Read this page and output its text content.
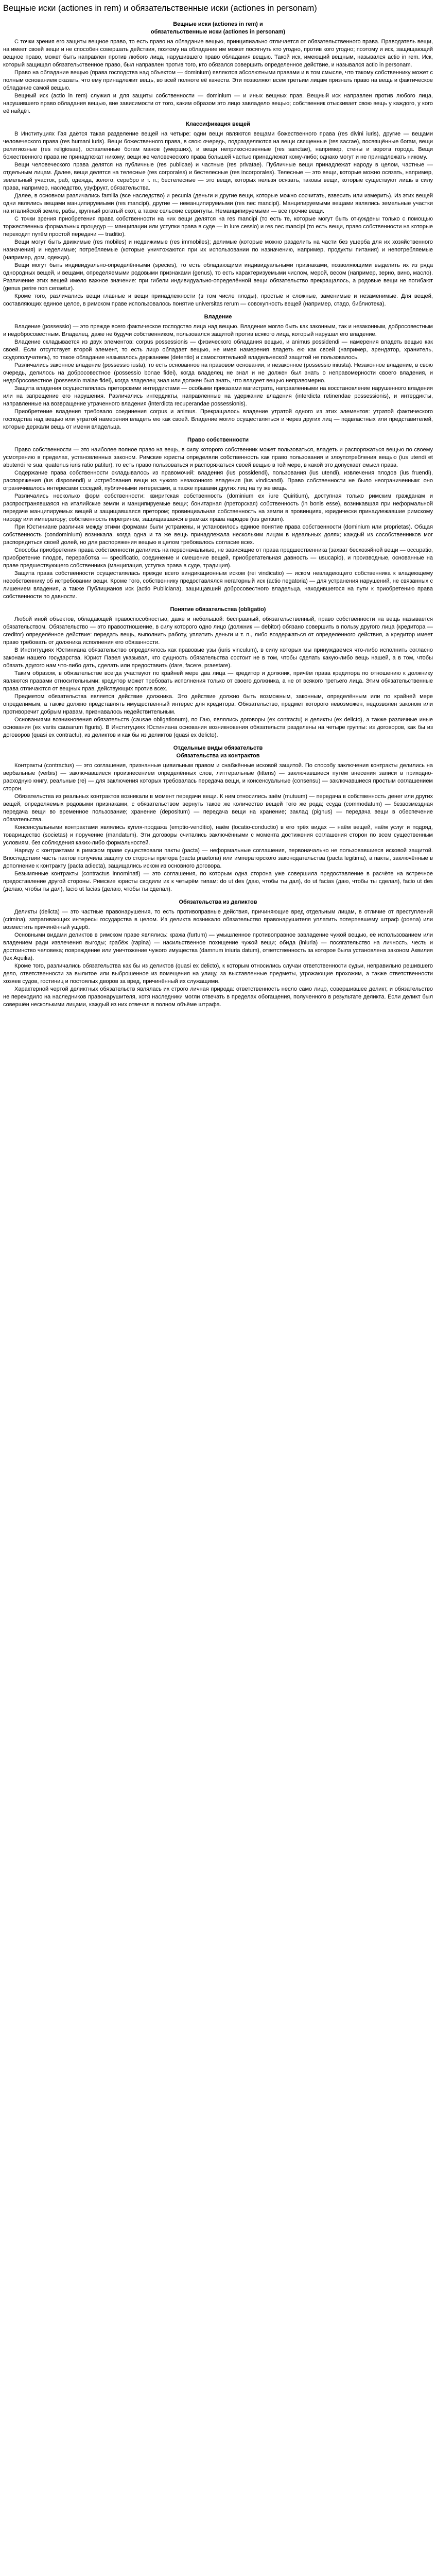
Вещные иски (actiones in rem) и обязательственные иски (actiones in personam)
Вещные иски (actiones in rem) и
обязательственные иски (actiones in personam)

С точки зрения его защиты вещное право, то есть право на обладание вещью, принципиально отличается от обязательственного права. Праводатель вещи, на имеет своей вещи и не способен совершать действия, поэтому на обладание им может посягнуть кто угодно, против кого угодно; поэтому и иск, защищающий вещное право, может быть направлен против любого лица, нарушившего право обладания вещью. Такой иск, имеющий вещным, назывался actio in rem. Иск, который защищал обязательственное право, был направлен против того, кто обязался совершить определенное действие, и назывался actio in personam.

Право на обладание вещью (права господства над объектом — dominium) являются абсолютными правами и в том смысле, что такому собственнику может с полным основанием сказать, что ему принадлежит вещь, во всей полноте её качеств. Эти позволяют всем третьим лицам признать право на вещь и фактическое обладание самой вещью.

Вещный иск (actio in rem) служил и для защиты собственности — dominium — и иных вещных прав. Вещный иск направлен против любого лица, нарушившего право обладания вещью, вне зависимости от того, каким образом это лицо завладело вещью; собственник отыскивает свою вещь у каждого, у кого её найдёт.

Классификация вещей

В Институциях Гая даётся такая разделение вещей на четыре: одни вещи являются вещами божественного права (res divini iuris), другие — вещами человеческого права (res humani iuris). Вещи божественного права, в свою очередь, подразделяются на вещи священные (res sacrae), посвящённые богам, вещи религиозные (res religiosae), оставленные богам манов (умерших), и вещи неприкосновенные (res sanctae), например, стены и ворота города. Вещи божественного права не принадлежат никому; вещи же человеческого права большей частью принадлежат кому-либо; однако могут и не принадлежать никому.

Вещи человеческого права делятся на публичные (res publicae) и частные (res privatae). Публичные вещи принадлежат народу в целом, частные — отдельным лицам. Далее, вещи делятся на телесные (res corporales) и бестелесные (res incorporales). Телесные — это вещи, которые можно осязать, например, земельный участок, раб, одежда, золото, серебро и т. п.; бестелесные — это вещи, которых нельзя осязать, таковы вещи, которые существуют лишь в силу права, например, наследство, узуфрукт, обязательства.

Далее, в основном различались familia (все наследство) и pecunia (деньги и другие вещи, которые можно сосчитать, взвесить или измерить). Из этих вещей одни являлись вещами манципируемыми (res mancipi), другие — неманципируемыми (res nec mancipi). Манципируемыми вещами являлись земельные участки на италийской земле, рабы, крупный рогатый скот, а также сельские сервитуты. Неманципируемыми — все прочие вещи.

С точки зрения приобретения права собственности на них вещи делятся на res mancipi (то есть те, которые могут быть отчуждены только с помощью торжественных формальных процедур — манципации или уступки права в суде — in iure cessio) и res nec mancipi (то есть вещи, право собственности на которые переходит путём простой передачи — traditio).

Вещи могут быть движимые (res mobiles) и недвижимые (res immobiles); делимые (которые можно разделить на части без ущерба для их хозяйственного назначения) и неделимые; потребляемые (которые уничтожаются при их использовании по назначению, например, продукты питания) и непотребляемые (например, дом, одежда).

Вещи могут быть индивидуально-определёнными (species), то есть обладающими индивидуальными признаками, позволяющими выделить их из ряда однородных вещей, и вещами, определяемыми родовыми признаками (genus), то есть характеризуемыми числом, мерой, весом (например, зерно, вино, масло). Различение этих вещей имело важное значение: при гибели индивидуально-определённой вещи обязательство прекращалось, а родовые вещи не погибают (genus perire non censetur).

Кроме того, различались вещи главные и вещи принадлежности (в том числе плоды), простые и сложные, заменимые и незаменимые. Для вещей, составляющих единое целое, в римском праве использовалось понятие universitas rerum — совокупность вещей (например, стадо, библиотека).

Владение

Владение (possessio) — это прежде всего фактическое господство лица над вещью. Владение могло быть как законным, так и незаконным, добросовестным и недобросовестным. Владелец, даже не будучи собственником, пользовался защитой против всякого лица, который нарушал его владение.

Владение складывается из двух элементов: corpus possessionis — физического обладания вещью, и animus possidendi — намерения владеть вещью как своей. Если отсутствует второй элемент, то есть лицо обладает вещью, не имея намерения владеть ею как своей (например, арендатор, хранитель, ссудополучатель), то такое обладание называлось держанием (detentio) и самостоятельной владельческой защитой не пользовалось.

Различались законное владение (possessio iusta), то есть основанное на правовом основании, и незаконное (possessio iniusta). Незаконное владение, в свою очередь, делилось на добросовестное (possessio bonae fidei), когда владелец не знал и не должен был знать о неправомерности своего владения, и недобросовестное (possessio malae fidei), когда владелец знал или должен был знать, что владеет вещью неправомерно.

Защита владения осуществлялась преторскими интердиктами — особыми приказами магистрата, направленными на восстановление нарушенного владения или на запрещение его нарушения. Различались интердикты, направленные на удержание владения (interdicta retinendae possessionis), и интердикты, направленные на возвращение утраченного владения (interdicta recuperandae possessionis).

Приобретение владения требовало соединения corpus и animus. Прекращалось владение утратой одного из этих элементов: утратой фактического господства над вещью или утратой намерения владеть ею как своей. Владение могло осуществляться и через других лиц — подвластных или представителей, которые держали вещь от имени владельца.

Право собственности

Право собственности — это наиболее полное право на вещь, в силу которого собственник может пользоваться, владеть и распоряжаться вещью по своему усмотрению в пределах, установленных законом. Римские юристы определяли собственность как право пользования и злоупотребления вещью (ius utendi et abutendi re sua, quatenus iuris ratio patitur), то есть право пользоваться и распоряжаться своей вещью в той мере, в какой это допускает смысл права.

Содержание права собственности складывалось из правомочий: владения (ius possidendi), пользования (ius utendi), извлечения плодов (ius fruendi), распоряжения (ius disponendi) и истребования вещи из чужого незаконного владения (ius vindicandi). Право собственности не было неограниченным: оно ограничивалось интересами соседей, публичными интересами, а также правами других лиц на ту же вещь.

Различались несколько форм собственности: квиритская собственность (dominium ex iure Quiritium), доступная только римским гражданам и распространявшаяся на италийские земли и манципируемые вещи; бонитарная (преторская) собственность (in bonis esse), возникавшая при неформальной передаче манципируемых вещей и защищавшаяся претором; провинциальная собственность на земли в провинциях, юридически принадлежавшие римскому народу или императору; собственность перегринов, защищавшаяся в рамках права народов (ius gentium).

При Юстиниане различия между этими формами были устранены, и установилось единое понятие права собственности (dominium или proprietas). Общая собственность (condominium) возникала, когда одна и та же вещь принадлежала нескольким лицам в идеальных долях; каждый из сособственников мог распорядиться своей долей, но для распоряжения вещью в целом требовалось согласие всех.

Способы приобретения права собственности делились на первоначальные, не зависящие от права предшественника (захват бесхозяйной вещи — occupatio, приобретение плодов, переработка — specificatio, соединение и смешение вещей, приобретательная давность — usucapio), и производные, основанные на праве предшествующего собственника (манципация, уступка права в суде, традиция).

Защита права собственности осуществлялась прежде всего виндикационным иском (rei vindicatio) — иском невладеющего собственника к владеющему несобственнику об истребовании вещи. Кроме того, собственнику предоставлялся негаторный иск (actio negatoria) — для устранения нарушений, не связанных с лишением владения, а также Публицианов иск (actio Publiciana), защищавший добросовестного владельца, находившегося на пути к приобретению права собственности по давности.

Понятие обязательства (obligatio)

Любой иной объектов, обладающей правоспособностью, даже и небольшой: бесправный, обязательственный, право собственности на вещь называется обязательством. Обязательство — это правоотношение, в силу которого одно лицо (должник — debitor) обязано совершить в пользу другого лица (кредитора — creditor) определённое действие: передать вещь, выполнить работу, уплатить деньги и т. п., либо воздержаться от определённого действия, а кредитор имеет право требовать от должника исполнения его обязанности.

В Институциях Юстиниана обязательство определялось как правовые узы (iuris vinculum), в силу которых мы принуждаемся что-либо исполнить согласно законам нашего государства. Юрист Павел указывал, что сущность обязательства состоит не в том, чтобы сделать какую-либо вещь нашей, а в том, чтобы обязать другого нам что-либо дать, сделать или предоставить (dare, facere, praestare).

Таким образом, в обязательстве всегда участвуют по крайней мере два лица — кредитор и должник, причём права кредитора по отношению к должнику являются правами относительными: кредитор может требовать исполнения только от своего должника, а не от всякого третьего лица. Этим обязательственные права отличаются от вещных прав, действующих против всех.

Предметом обязательства является действие должника. Это действие должно быть возможным, законным, определённым или по крайней мере определимым, а также должно представлять имущественный интерес для кредитора. Обязательство, предмет которого невозможен, недозволен законом или противоречит добрым нравам, признавалось недействительным.

Основаниями возникновения обязательств (causae obligationum), по Гаю, являлись договоры (ex contractu) и деликты (ex delicto), а также различные иные основания (ex variis causarum figuris). В Институциях Юстиниана основания возникновения обязательств разделены на четыре группы: из договоров, как бы из договоров (quasi ex contractu), из деликтов и как бы из деликтов (quasi ex delicto).

Отдельные виды обязательств
Обязательства из контрактов

Контракты (contractus) — это соглашения, признанные цивильным правом и снабжённые исковой защитой. По способу заключения контракты делились на вербальные (verbis) — заключавшиеся произнесением определённых слов, литтеральные (litteris) — заключавшиеся путём внесения записи в приходно-расходную книгу, реальные (re) — для заключения которых требовалась передача вещи, и консенсуальные (consensu) — заключавшиеся простым соглашением сторон.

Обязательства из реальных контрактов возникали в момент передачи вещи. К ним относились заём (mutuum) — передача в собственность денег или других вещей, определяемых родовыми признаками, с обязательством вернуть такое же количество вещей того же рода; ссуда (commodatum) — безвозмездная передача вещи во временное пользование; хранение (depositum) — передача вещи на хранение; заклад (pignus) — передача вещи в обеспечение обязательства.

Консенсуальными контрактами являлись купля-продажа (emptio-venditio), наём (locatio-conductio) в его трёх видах — наём вещей, наём услуг и подряд, товарищество (societas) и поручение (mandatum). Эти договоры считались заключёнными с момента достижения соглашения сторон по всем существенным условиям, без соблюдения каких-либо формальностей.

Наряду с контрактами в римском праве существовали пакты (pacta) — неформальные соглашения, первоначально не пользовавшиеся исковой защитой. Впоследствии часть пактов получила защиту со стороны претора (pacta praetoria) или императорского законодательства (pacta legitima), а пакты, заключённые в дополнение к контракту (pacta adiecta), защищались иском из основного договора.

Безымянные контракты (contractus innominati) — это соглашения, по которым одна сторона уже совершила предоставление в расчёте на встречное предоставление другой стороны. Римские юристы сводили их к четырём типам: do ut des (даю, чтобы ты дал), do ut facias (даю, чтобы ты сделал), facio ut des (делаю, чтобы ты дал), facio ut facias (делаю, чтобы ты сделал).

Обязательства из деликтов

Деликты (delicta) — это частные правонарушения, то есть противоправные действия, причиняющие вред отдельным лицам, в отличие от преступлений (crimina), затрагивающих интересы государства в целом. Из деликта возникало обязательство правонарушителя уплатить потерпевшему штраф (poena) или возместить причинённый ущерб.

Основными видами деликтов в римском праве являлись: кража (furtum) — умышленное противоправное завладение чужой вещью, её использованием или владением ради извлечения выгоды; грабёж (rapina) — насильственное похищение чужой вещи; обида (iniuria) — посягательство на личность, честь и достоинство человека; повреждение или уничтожение чужого имущества (damnum iniuria datum), ответственность за которое была установлена законом Аквилия (lex Aquilia).

Кроме того, различались обязательства как бы из деликтов (quasi ex delicto), к которым относились случаи ответственности судьи, неправильно решившего дело, ответственности за вылитое или выброшенное из помещения на улицу, за выставленные предметы, угрожающие прохожим, а также ответственности хозяев судов, гостиниц и постоялых дворов за вред, причинённый их служащими.

Характерной чертой деликтных обязательств являлась их строго личная природа: ответственность несло само лицо, совершившее деликт, и обязательство не переходило на наследников правонарушителя, хотя наследники могли отвечать в пределах обогащения, полученного в результате деликта. Если деликт был совершён несколькими лицами, каждый из них отвечал в полном объёме штрафа.
